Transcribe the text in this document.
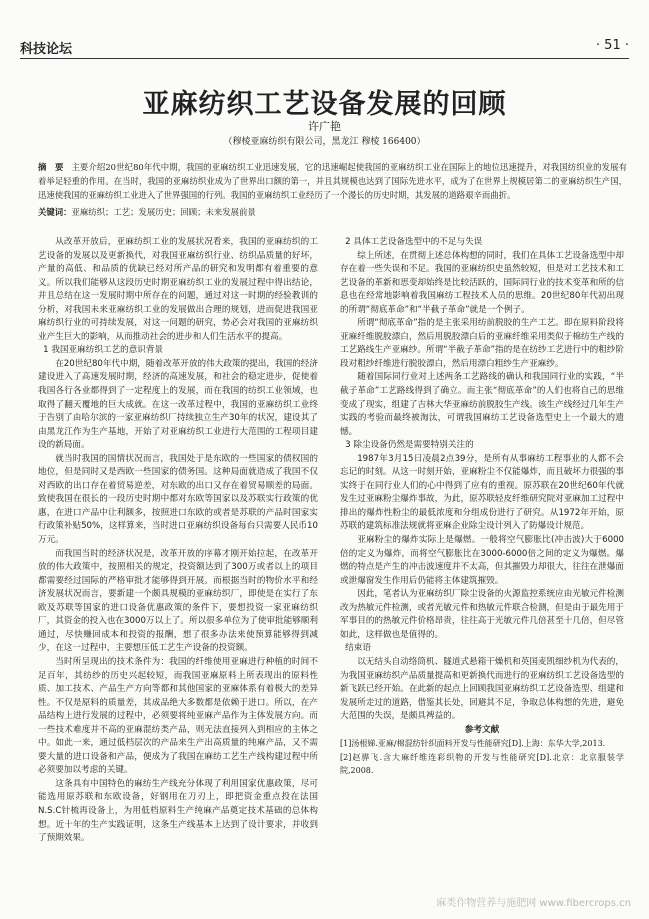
科技论坛	· 51 ·
亚麻纺织工艺设备发展的回顾
许广艳
（穆棱亚麻纺织有限公司，黑龙江 穆棱 166400）
摘　要 主要介绍20世纪80年代中期，我国的亚麻纺织工业迅速发展，它的迅速崛起使我国的亚麻纺织工业在国际上的地位迅速提升，对我国纺织业的发展有着举足轻重的作用。在当时，我国的亚麻纺织业成为了世界出口额的第一，并且其规模也达到了国际先进水平，成为了在世界上规模居第二的亚麻纺织生产国，迅速使我国的亚麻纺织工业进入了世界强国的行列。我国的亚麻纺织工业经历了一个漫长的历史时期，其发展的道路艰辛而曲折。
关键词：亚麻纺织；工艺；发展历史；回顾；未来发展前景

从改革开放后，亚麻纺织工业的发展状况看来，我国的亚麻纺织的工艺设备的发展以及更新换代，对我国亚麻纺织行业、纺织品质量的好坏，产量的高低、和品质的优缺已经对所产品的研究和发明都有着重要的意义。所以我们能够从这段历史时期亚麻纺织工业的发展过程中得出结论，并且总结在这一发展时期中所存在的问题，通过对这一时期的经验教训的分析，对我国未来亚麻纺织工业的发展做出合理的规划，进而促进我国亚麻纺织行业的可持续发展，对这一问题的研究，势必会对我国的亚麻纺织业产生巨大的影响，从而推动社会的进步和人们生活水平的提高。

1 我国亚麻纺织工艺的意识背景

在20世纪80年代中期，随着改革开放的伟大政策的提出，我国的经济建设进入了高速发展时期，经济的高速发展，和社会的稳定进步，促使着我国各行各业都得到了一定程度上的发展，而在我国的纺织工业领域，也取得了翻天覆地的巨大成就。在这一改革过程中，我国的亚麻纺织工业终于告别了由哈尔滨的一家亚麻纺织厂持续独立生产30年的状况，建设其了由黑龙江作为生产基地，开始了对亚麻纺织工业进行大范围的工程项目建设的新局面。

就当时我国的国情状况而言，我国处于是东欧的一些国家的债权国的地位，但是同时又是西欧一些国家的债务国。这种局面就造成了我国不仅对西欧的出口存在着贸易逆差，对东欧的出口又存在着贸易顺差的局面。致使我国在很长的一段历史时期中都对东欧等国家以及苏联实行政策的优惠，在进口产品中让利额多，按照进口东欧的或者是苏联的产品时国家实行政策补贴50%，这样算来，当时进口亚麻纺织设备每台只需要人民币10万元。

而我国当时的经济状况是，改革开放的序幕才刚开始拉起，在改革开放的伟大政策中，按照相关的规定，投资额达到了300万或者以上的项目都需要经过国际的严格审批才能够得到开展。而根据当时的物价水平和经济发展状况而言，要新建一个颇具规模的亚麻纺织厂，即使是在实行了东欧及苏联等国家的进口设备优惠政策的条件下，要想投资一家亚麻纺织厂，其资金的投入也在3000万以上了。所以很多单位为了使审批能够顺利通过，尽快赚回成本和投资的报酬，想了很多办法来使预算能够得到减少，在这一过程中，主要想压低工艺生产设备的投资额。

当时所呈现出的技术条件为：我国的纤维使用亚麻进行种植的时间不足百年，其纺纱的历史兴起较短，而我国亚麻原料上所表现出的原料性质、加工技术、产品生产方向等都和其他国家的亚麻体系有着极大的差异性。不仅是原料的质量差，其成品绝大多数都是依赖于进口。所以，在产品结构上进行发展的过程中，必须要将纯亚麻产品作为主体发展方向。而一些技术难度并不高的亚麻混纺类产品，则无法直接列入到相应的主体之中。如此一来，通过低档层次的产品来生产出高质量的纯麻产品，又不需要大量的进口设备和产品，便成为了我国在麻纺工艺生产线构建过程中所必须要加以考虑的关键。

这条具有中国特色的麻纺生产线充分体现了利用国家优惠政策，尽可能选用原苏联和东欧设备，好钢用在刀刃上，即把资金重点投在法国N.S.C针梳再设备上，为用低档原料生产纯麻产品奠定技术基础的总体构想。近十年的生产实践证明，这条生产线基本上达到了设计要求，并收到了预期效果。

2 具体工艺设备选型中的不足与失误

综上所述，在贯彻上述总体构想的同时，我们在具体工艺设备选型中却存在着一些失误和不足。我国的亚麻纺织史虽然较短，但是对工艺技术和工艺设备的革新和思变却始终是比较活跃的，国际同行业的技术变革和所的信息也在经常地影响着我国麻纺工程技术人员的思维。20世纪80年代初出现的所谓“彻底革命”和“半截子革命”就是一个例子。

所谓“彻底革命”指的是主张采用纺前脱胶的生产工艺。即在原料阶段将亚麻纤维脱胶漂白，然后用脱胶漂白后的亚麻纤维采用类似于棉纺生产线的工艺路线生产亚麻纱。所谓“半截子革命”指的是在纺纱工艺进行中的粗纱阶段对粗纱纤维进行脱胶漂白，然后用漂白粗纱生产亚麻纱。

随着国际同行业对上述两条工艺路线的确认和我国同行业的实践，“半截子革命”工艺路线得到了确立。而主张“彻底革命”的人们也将自己的思维变成了现实，组建了吉林大华亚麻纺前脱胶生产线。该生产线经过几年生产实践的考验而最终被淘汰，可谓我国麻纺工艺设备选型史上一个最大的遗憾。

3 除尘设备仍然是需要特别关注的

1987年3月15日凌晨2点39分，是所有从事麻纺工程事业的人都不会忘记的时刻。从这一时刻开始，亚麻粉尘不仅能爆炸，而且破坏力很强的事实终于在同行业人们的心中得到了应有的重视。原苏联在20世纪60年代就发生过亚麻粉尘爆炸事故，为此，原苏联轻皮纤维研究院对亚麻加工过程中排出的爆炸性粉尘的最低浓度和分组成份进行了研究。从1972年开始，原苏联的建筑标准法规就将亚麻企业除尘设计列入了防爆设计规范。

亚麻粉尘的爆炸实际上是爆燃。一般将空气膨胀比(冲击波)大于6000倍的定义为爆炸，而将空气膨胀比在3000-6000倍之间的定义为爆燃。爆燃的特点是产生的冲击波速度并不太高，但其摧毁力却很大，往往在泄爆面或泄爆窗发生作用后仍能将主体建筑摧毁。

因此，笔者认为亚麻纺织厂除尘设备的火源监控系统应由光敏元件检测改为热敏元件检测，或者光敏元件和热敏元件联合检测，但是由于最先用于军事目的的热敏元件价格昂贵，往往高于光敏元件几倍甚至十几倍，但尽管如此，这样做也是值得的。

结束语

以无结头自动络筒机、隧道式悬箱干燥机和英国麦凯细纱机为代表的，为我国亚麻纺织产品质量提高和更新换代而进行的亚麻纺织工艺设备选型的新飞跃已经开始。在此新的起点上回顾我国亚麻纺织工艺设备选型、组建和发展所走过的道路，借鉴其长处，回避其不足，争取总体构想的先进，避免大范围的失误，是颇具裨益的。

参考文献

[1]汤根娣.亚麻/棉混纺针织面料开发与性能研究[D].上海：东华大学,2013.

[2]赵骅飞.含大麻纤维连彩织物的开发与性能研究[D].北京：北京服装学院,2008.

麻类作物营养与施肥网 www.fibercrops.cn
